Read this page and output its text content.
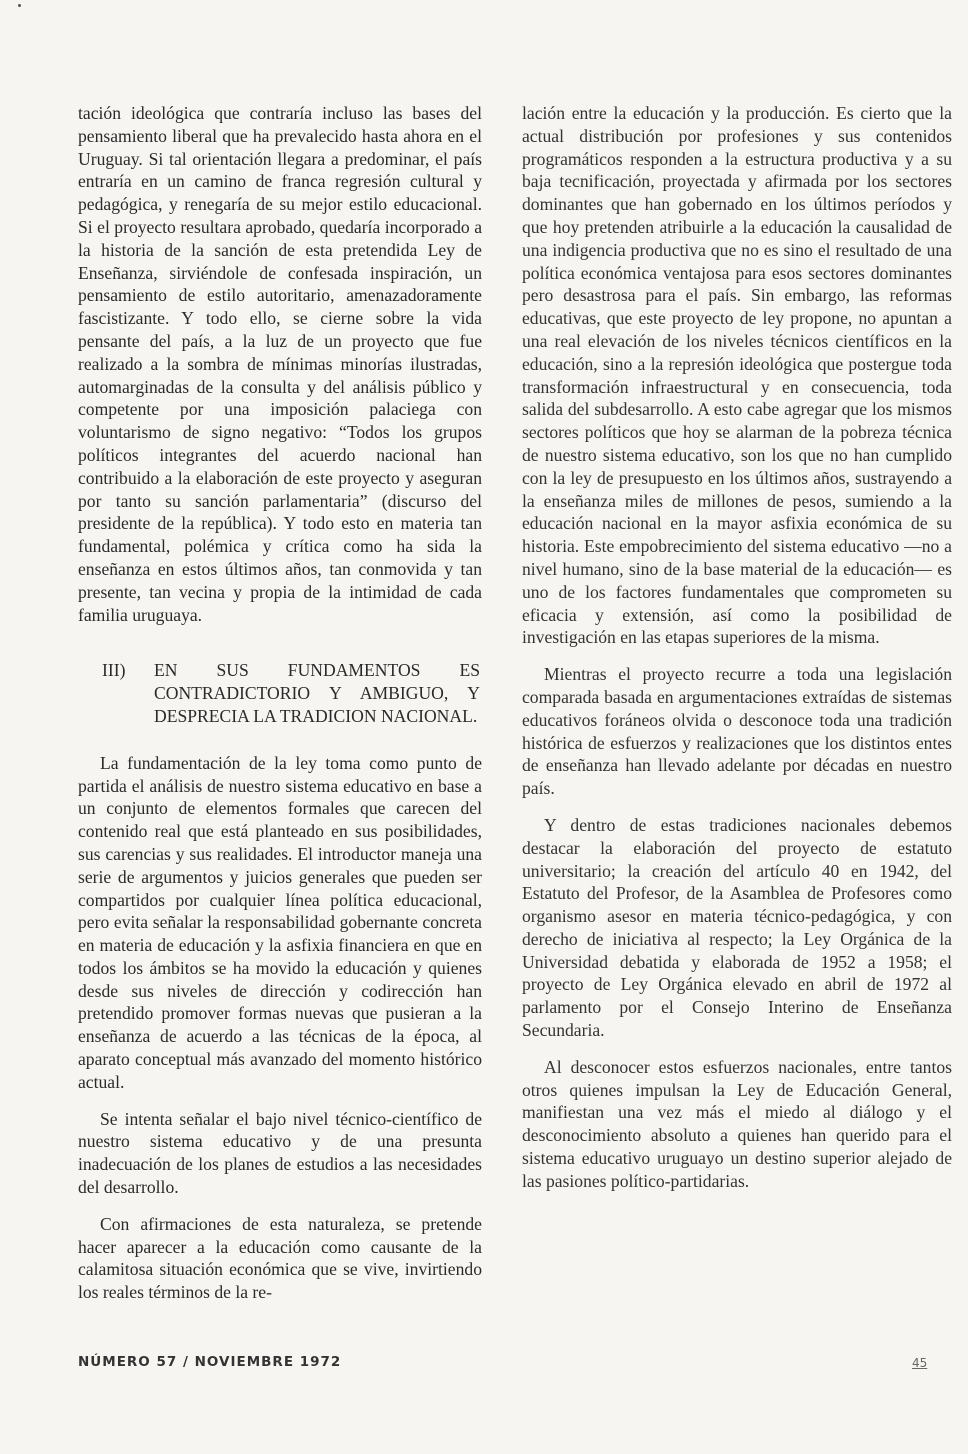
tación ideológica que contraría incluso las bases del pensamiento liberal que ha prevalecido hasta ahora en el Uruguay. Si tal orientación llegara a predominar, el país entraría en un camino de franca regresión cultural y pedagógica, y renegaría de su mejor estilo educacional. Si el proyecto resultara aprobado, quedaría incorporado a la historia de la sanción de esta pretendida Ley de Enseñanza, sirviéndole de confesada inspiración, un pensamiento de estilo autoritario, amenazadoramente fascistizante. Y todo ello, se cierne sobre la vida pensante del país, a la luz de un proyecto que fue realizado a la sombra de mínimas minorías ilustradas, automarginadas de la consulta y del análisis público y competente por una imposición palaciega con voluntarismo de signo negativo: “Todos los grupos políticos integrantes del acuerdo nacional han contribuido a la elaboración de este proyecto y aseguran por tanto su sanción parlamentaria” (discurso del presidente de la república). Y todo esto en materia tan fundamental, polémica y crítica como ha sida la enseñanza en estos últimos años, tan conmovida y tan presente, tan vecina y propia de la intimidad de cada familia uruguaya.

III)	EN SUS FUNDAMENTOS ES CONTRADICTORIO Y AMBIGUO, Y DESPRECIA LA TRADICION NACIONAL.

La fundamentación de la ley toma como punto de partida el análisis de nuestro sistema educativo en base a un conjunto de elementos formales que carecen del contenido real que está planteado en sus posibilidades, sus carencias y sus realidades. El introductor maneja una serie de argumentos y juicios generales que pueden ser compartidos por cualquier línea política educacional, pero evita señalar la responsabilidad gobernante concreta en materia de educación y la asfixia financiera en que en todos los ámbitos se ha movido la educación y quienes desde sus niveles de dirección y codirección han pretendido promover formas nuevas que pusieran a la enseñanza de acuerdo a las técnicas de la época, al aparato conceptual más avanzado del momento histórico actual.

Se intenta señalar el bajo nivel técnico-científico de nuestro sistema educativo y de una presunta inadecuación de los planes de estudios a las necesidades del desarrollo.

Con afirmaciones de esta naturaleza, se pretende hacer aparecer a la educación como causante de la calamitosa situación económica que se vive, invirtiendo los reales términos de la re-

lación entre la educación y la producción. Es cierto que la actual distribución por profesiones y sus contenidos programáticos responden a la estructura productiva y a su baja tecnificación, proyectada y afirmada por los sectores dominantes que han gobernado en los últimos períodos y que hoy pretenden atribuirle a la educación la causalidad de una indigencia productiva que no es sino el resultado de una política económica ventajosa para esos sectores dominantes pero desastrosa para el país. Sin embargo, las reformas educativas, que este proyecto de ley propone, no apuntan a una real elevación de los niveles técnicos científicos en la educación, sino a la represión ideológica que postergue toda transformación infraestructural y en consecuencia, toda salida del subdesarrollo. A esto cabe agregar que los mismos sectores políticos que hoy se alarman de la pobreza técnica de nuestro sistema educativo, son los que no han cumplido con la ley de presupuesto en los últimos años, sustrayendo a la enseñanza miles de millones de pesos, sumiendo a la educación nacional en la mayor asfixia económica de su historia. Este empobrecimiento del sistema educativo —no a nivel humano, sino de la base material de la educación— es uno de los factores fundamentales que comprometen su eficacia y extensión, así como la posibilidad de investigación en las etapas superiores de la misma.

Mientras el proyecto recurre a toda una legislación comparada basada en argumentaciones extraídas de sistemas educativos foráneos olvida o desconoce toda una tradición histórica de esfuerzos y realizaciones que los distintos entes de enseñanza han llevado adelante por décadas en nuestro país.

Y dentro de estas tradiciones nacionales debemos destacar la elaboración del proyecto de estatuto universitario; la creación del artículo 40 en 1942, del Estatuto del Profesor, de la Asamblea de Profesores como organismo asesor en materia técnico-pedagógica, y con derecho de iniciativa al respecto; la Ley Orgánica de la Universidad debatida y elaborada de 1952 a 1958; el proyecto de Ley Orgánica elevado en abril de 1972 al parlamento por el Consejo Interino de Enseñanza Secundaria.

Al desconocer estos esfuerzos nacionales, entre tantos otros quienes impulsan la Ley de Educación General, manifiestan una vez más el miedo al diálogo y el desconocimiento absoluto a quienes han querido para el sistema educativo uruguayo un destino superior alejado de las pasiones político-partidarias.

NÚMERO 57 / NOVIEMBRE 1972	45
